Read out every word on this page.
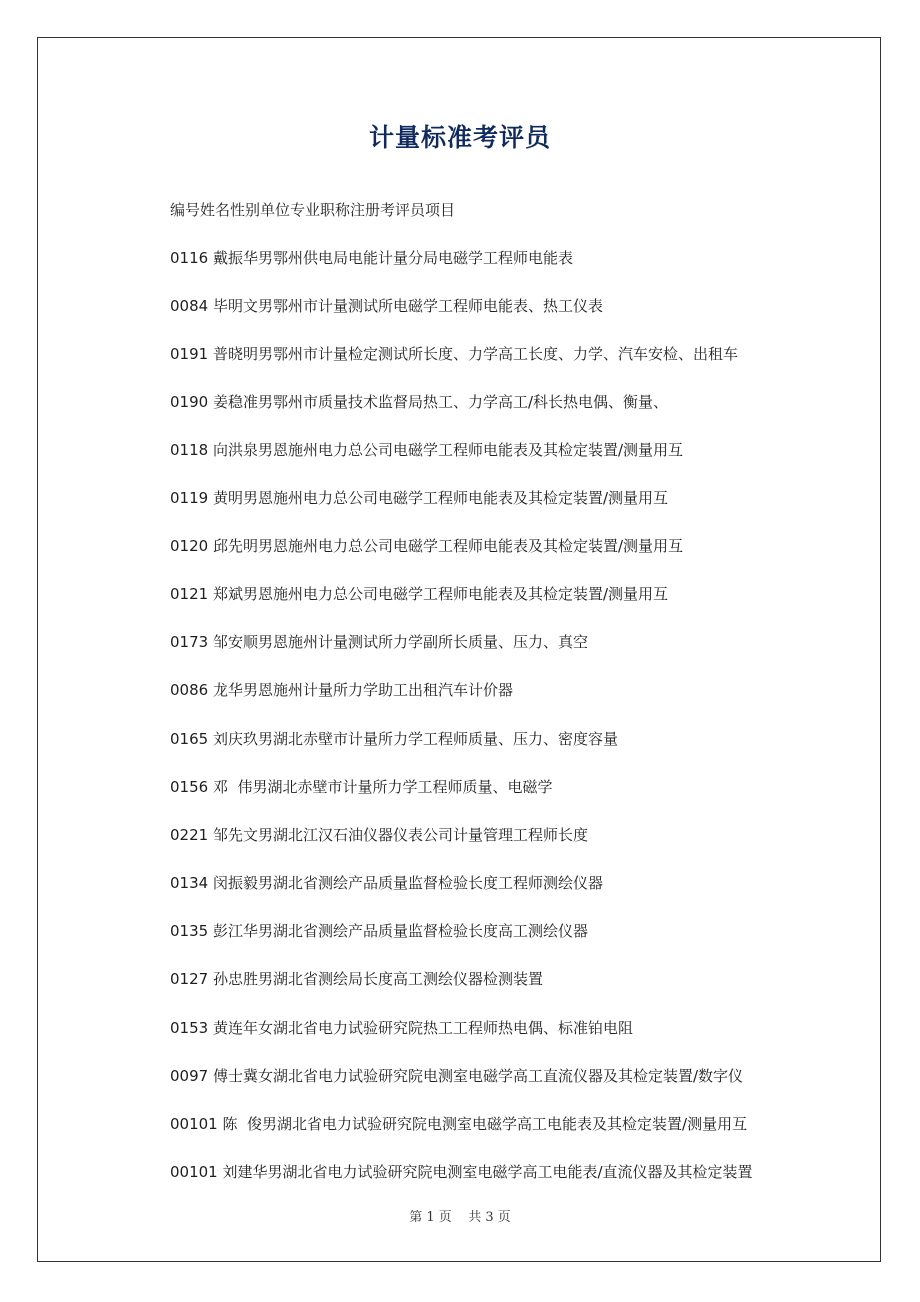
计量标准考评员
编号姓名性别单位专业职称注册考评员项目
0116 戴振华男鄂州供电局电能计量分局电磁学工程师电能表
0084 毕明文男鄂州市计量测试所电磁学工程师电能表、热工仪表
0191 普晓明男鄂州市计量检定测试所长度、力学高工长度、力学、汽车安检、出租车
0190 姜稳准男鄂州市质量技术监督局热工、力学高工/科长热电偶、衡量、
0118 向洪泉男恩施州电力总公司电磁学工程师电能表及其检定装置/测量用互
0119 黄明男恩施州电力总公司电磁学工程师电能表及其检定装置/测量用互
0120 邱先明男恩施州电力总公司电磁学工程师电能表及其检定装置/测量用互
0121 郑斌男恩施州电力总公司电磁学工程师电能表及其检定装置/测量用互
0173 邹安顺男恩施州计量测试所力学副所长质量、压力、真空
0086 龙华男恩施州计量所力学助工出租汽车计价器
0165 刘庆玖男湖北赤壁市计量所力学工程师质量、压力、密度容量
0156 邓  伟男湖北赤壁市计量所力学工程师质量、电磁学
0221 邹先文男湖北江汉石油仪器仪表公司计量管理工程师长度
0134 闵振毅男湖北省测绘产品质量监督检验长度工程师测绘仪器
0135 彭江华男湖北省测绘产品质量监督检验长度高工测绘仪器
0127 孙忠胜男湖北省测绘局长度高工测绘仪器检测装置
0153 黄连年女湖北省电力试验研究院热工工程师热电偶、标准铂电阻
0097 傅士冀女湖北省电力试验研究院电测室电磁学高工直流仪器及其检定装置/数字仪
00101 陈  俊男湖北省电力试验研究院电测室电磁学高工电能表及其检定装置/测量用互
00101 刘建华男湖北省电力试验研究院电测室电磁学高工电能表/直流仪器及其检定装置
第 1 页    共 3 页
